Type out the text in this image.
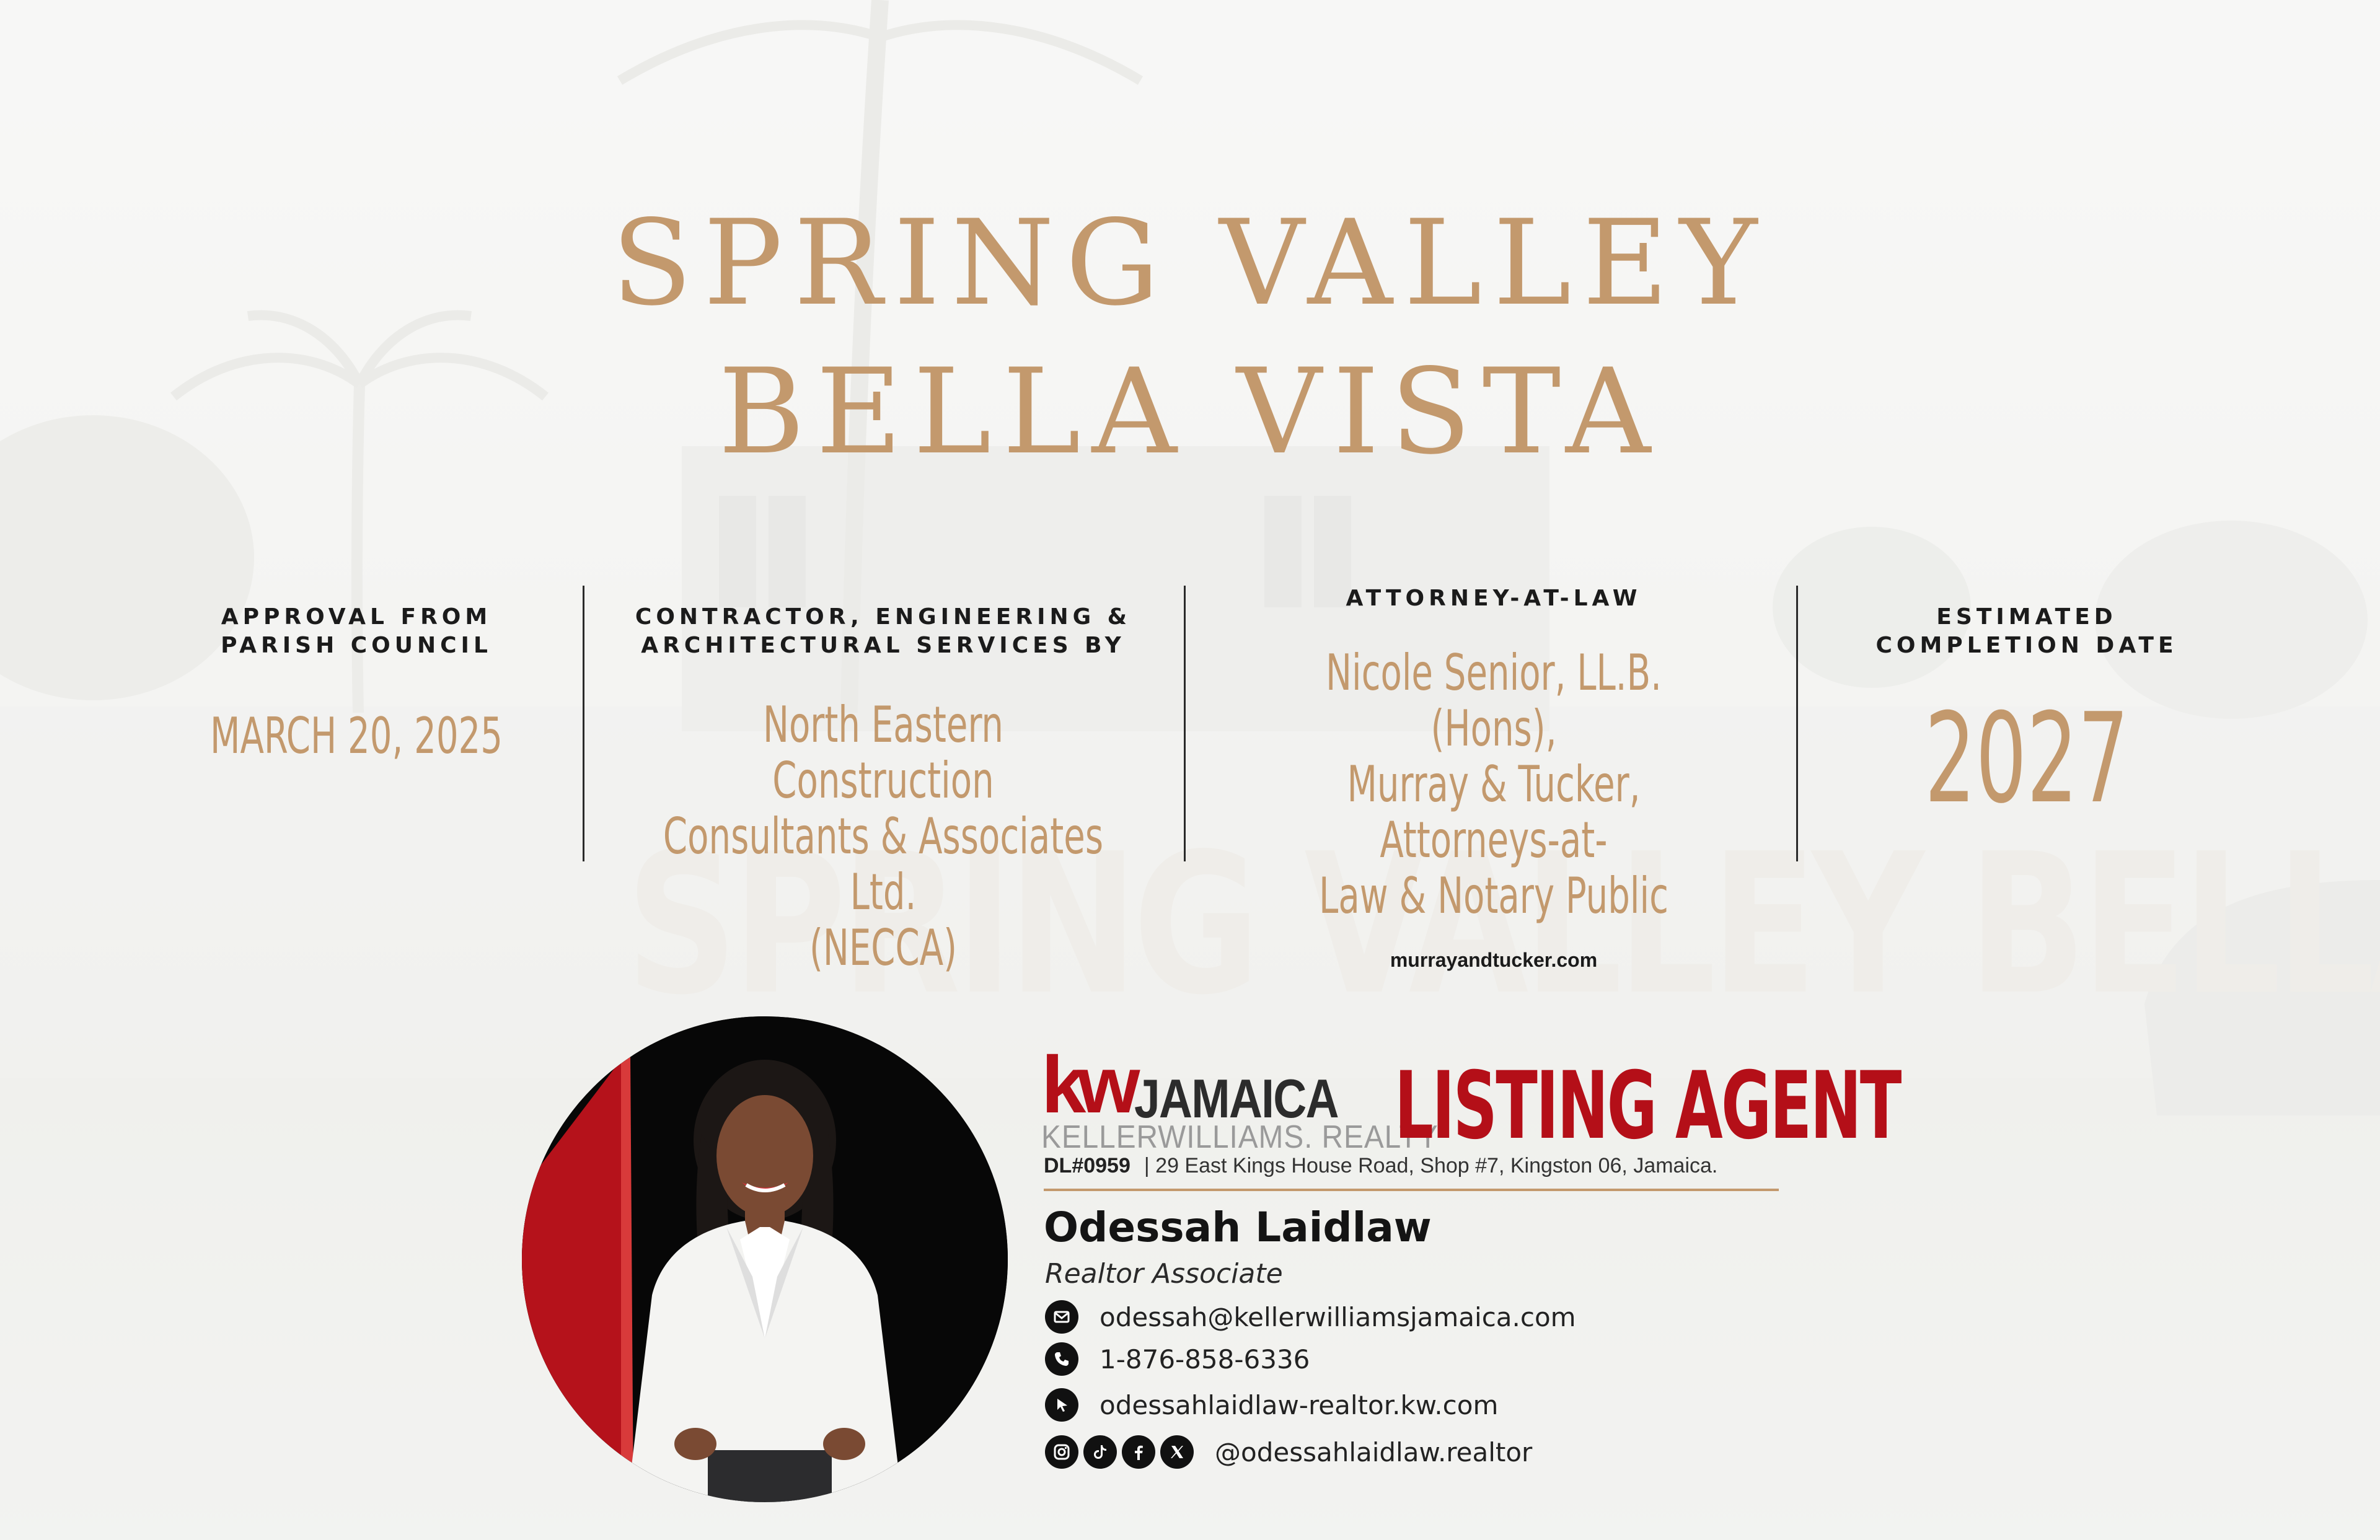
SPRING VALLEY
BELLA VISTA
APPROVAL FROM
PARISH COUNCIL
MARCH 20, 2025
CONTRACTOR, ENGINEERING &
ARCHITECTURAL SERVICES BY
North Eastern Construction
Consultants & Associates Ltd.
(NECCA)
ATTORNEY-AT-LAW
Nicole Senior, LL.B. (Hons),
Murray & Tucker, Attorneys-at-
Law & Notary Public
murrayandtucker.com
ESTIMATED
COMPLETION DATE
2027
kw JAMAICA
KELLERWILLIAMS. REALTY
LISTING AGENT
DL#0959 | 29 East Kings House Road, Shop #7, Kingston 06, Jamaica.
Odessah Laidlaw
Realtor Associate
odessah@kellerwilliamsjamaica.com
1-876-858-6336
odessahlaidlaw-realtor.kw.com
@odessahlaidlaw.realtor
